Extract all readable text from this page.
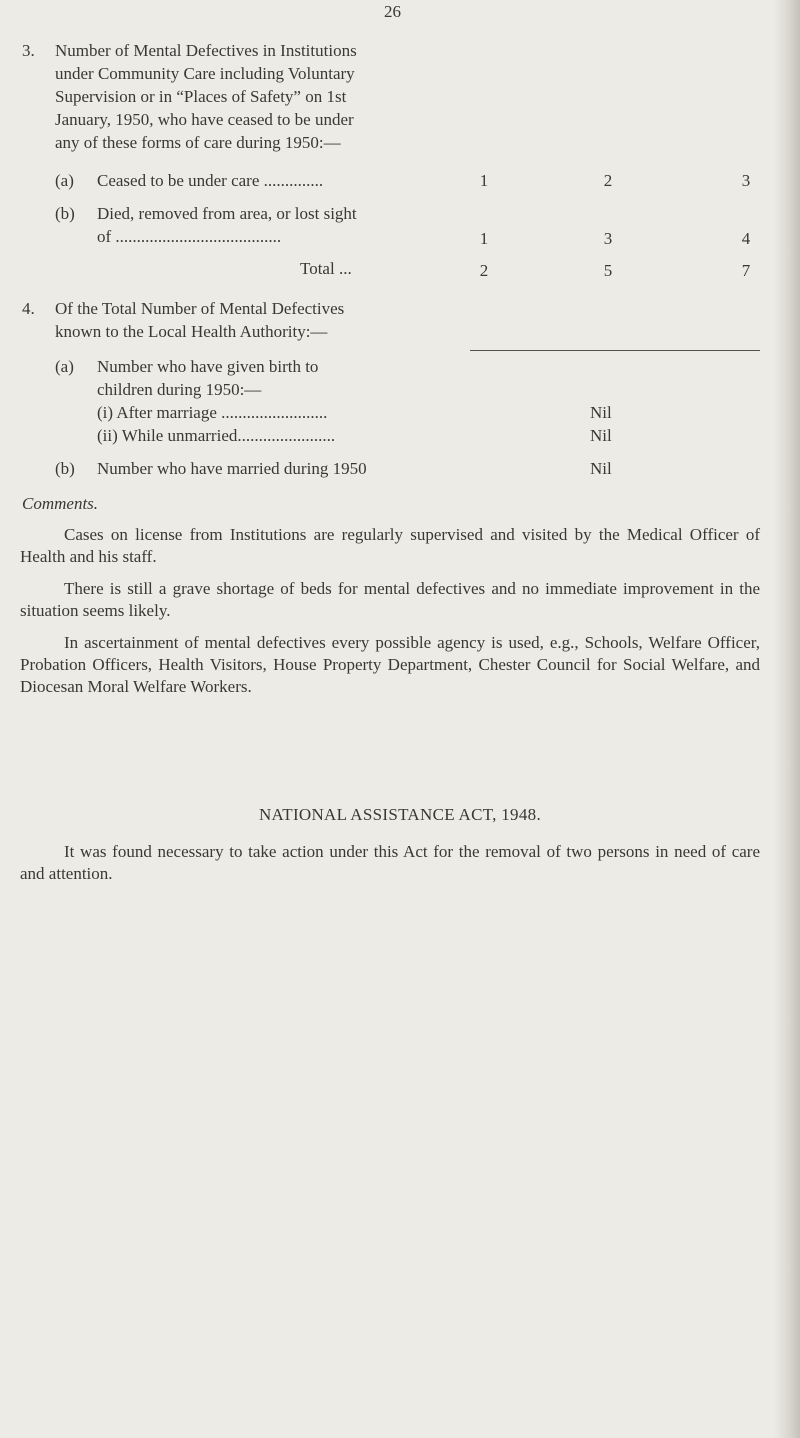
26
3. Number of Mental Defectives in Institutions
under Community Care including Voluntary
Supervision or in “Places of Safety” on 1st
January, 1950, who have ceased to be under
any of these forms of care during 1950:—
(a) Ceased to be under care ..............	1	2	3
(b) Died, removed from area, or lost sight
of .......................................	1	3	4
Total ...	2	5	7
4. Of the Total Number of Mental Defectives
known to the Local Health Authority:—
(a) Number who have given birth to
children during 1950:—
(i) After marriage .........................	Nil
(ii) While unmarried.......................	Nil
(b) Number who have married during 1950	Nil
Comments.
Cases on license from Institutions are regularly supervised and visited by the Medical Officer of Health and his staff.
There is still a grave shortage of beds for mental defectives and no immediate improvement in the situation seems likely.
In ascertainment of mental defectives every possible agency is used, e.g., Schools, Welfare Officer, Probation Officers, Health Visitors, House Property Department, Chester Council for Social Welfare, and Diocesan Moral Welfare Workers.
NATIONAL ASSISTANCE ACT, 1948.
It was found necessary to take action under this Act for the removal of two persons in need of care and attention.
